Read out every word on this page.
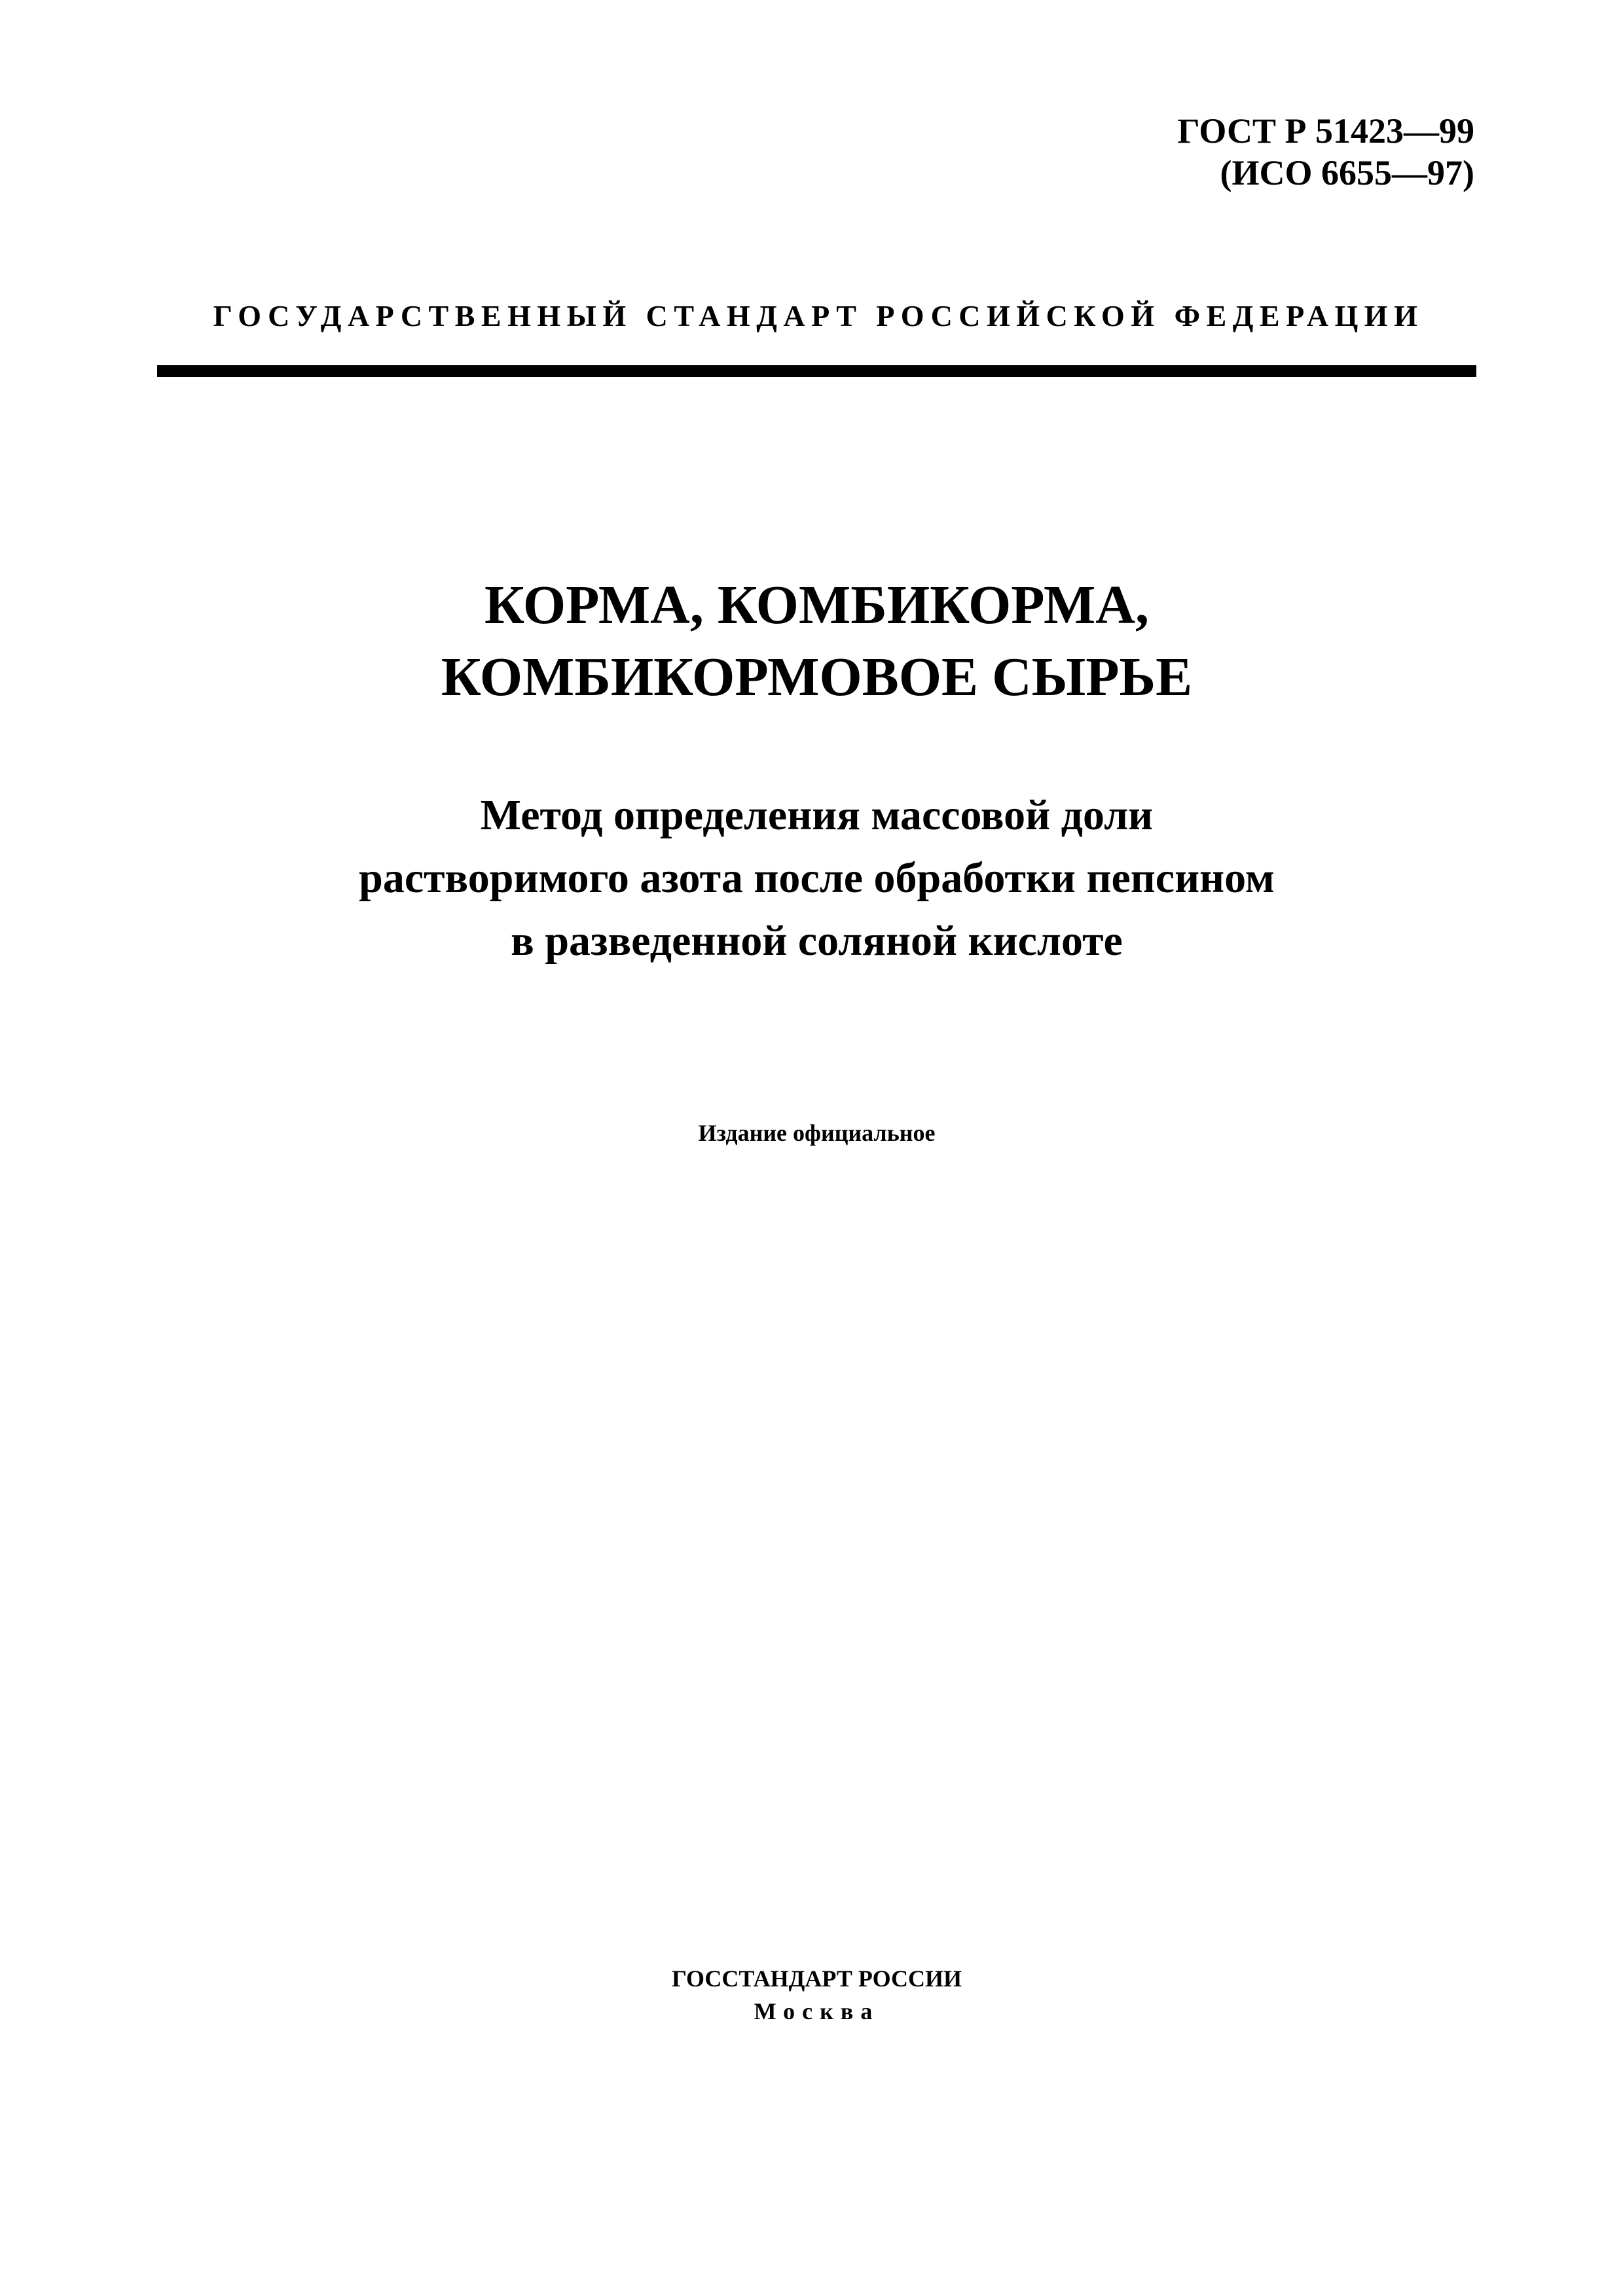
ГОСТ Р 51423—99
(ИСО 6655—97)
ГОСУДАРСТВЕННЫЙ СТАНДАРТ РОССИЙСКОЙ ФЕДЕРАЦИИ
КОРМА, КОМБИКОРМА,
КОМБИКОРМОВОЕ СЫРЬЕ
Метод определения массовой доли
растворимого азота после обработки пепсином
в разведенной соляной кислоте
Издание официальное
ГОССТАНДАРТ РОССИИ
Москва
